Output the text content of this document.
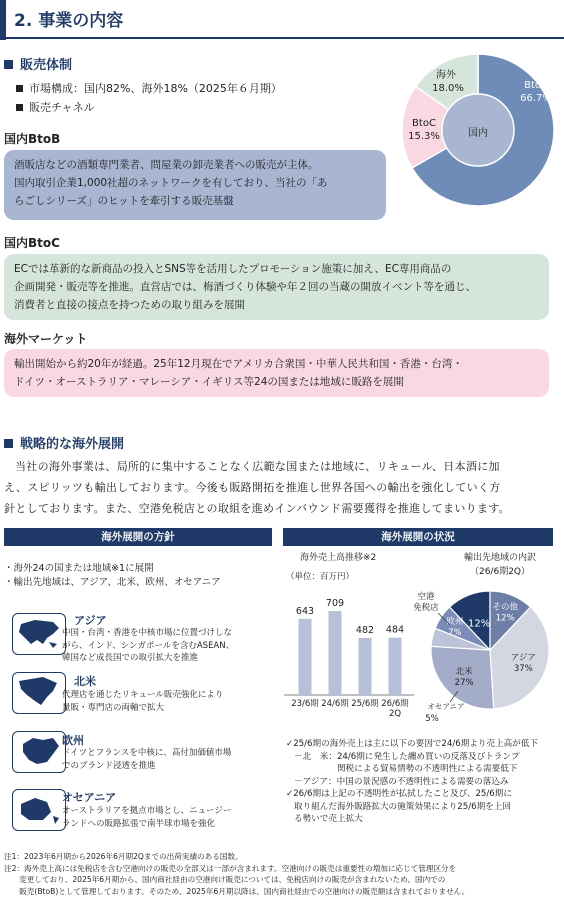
2. 事業の内容
販売体制
市場構成：国内82%、海外18%（2025年６月期）
販売チャネル
国内
BtoB
66.7%
海外
18.0%
BtoC
15.3%
国内BtoB
酒販店などの酒類専門業者、問屋業の卸売業者への販売が主体。
国内取引企業1,000社超のネットワークを有しており、当社の「あ
らごしシリーズ」のヒットを牽引する販売基盤
国内BtoC
ECでは革新的な新商品の投入とSNS等を活用したプロモーション施策に加え、EC専用商品の
企画開発・販売等を推進。直営店では、梅酒づくり体験や年２回の当蔵の開放イベント等を通じ、
消費者と直接の接点を持つための取り組みを展開
海外マーケット
輸出開始から約20年が経過。25年12月現在でアメリカ合衆国・中華人民共和国・香港・台湾・
ドイツ・オーストラリア・マレーシア・イギリス等24の国または地域に販路を展開
戦略的な海外展開
当社の海外事業は、局所的に集中することなく広範な国または地域に、リキュール、日本酒に加
え、スピリッツも輸出しております。今後も販路開拓を推進し世界各国への輸出を強化していく方
針としております。また、空港免税店との取組を進めインバウンド需要獲得を推進してまいります。
海外展開の方針
・海外24の国または地域※1に展開
・輸出先地域は、アジア、北米、欧州、オセアニア
アジア
中国・台湾・香港を中核市場に位置づけしな
がら、インド、シンガポールを含むASEAN、
韓国など成長国での取引拡大を推進
北米
代理店を通じたリキュール販売強化により
量販・専門店の両軸で拡大
欧州
ドイツとフランスを中核に、高付加価値市場
でのブランド浸透を推進
オセアニア
オーストラリアを拠点市場とし、ニュージー
ランドへの販路拡張で南半球市場を強化
海外展開の状況
海外売上高推移※2
（単位：百万円）
輸出先地域の内訳
（26/6期2Q）
643
23/6期
709
24/6期
482
25/6期
484
26/6期
2Q
アジア
37%
北米
27%
欧州
7%
12%
その他
12%
空港
免税店
オセアニア
5%
✓25/6期の海外売上は主に以下の要因で24/6期より売上高が低下
－北　米：24/6期に発生した纏め買いの反落及びトランプ
　　　　　関税による貿易情勢の不透明性による需要低下
－アジア：中国の景況感の不透明性による需要の落込み
✓26/6期は上記の不透明性が払拭したこと及び、25/6期に
取り組んだ海外販路拡大の施策効果により25/6期を上回
る勢いで売上拡大
注1：2023年6月期から2026年6月期2Qまでの出荷実績のある国数。
注2：海外売上高には免税店を含む空港向けの販売の全部又は一部が含まれます。空港向けの販売は重要性の増加に応じて管理区分を
　　変更しており、2025年6月期から、国内商社経由の空港向け販売については、免税店向けの販売が含まれないため、国内での
　　販売(BtoB)として管理しております。そのため、2025年6月期以降は、国内商社経由での空港向けの販売額は含まれておりません。
